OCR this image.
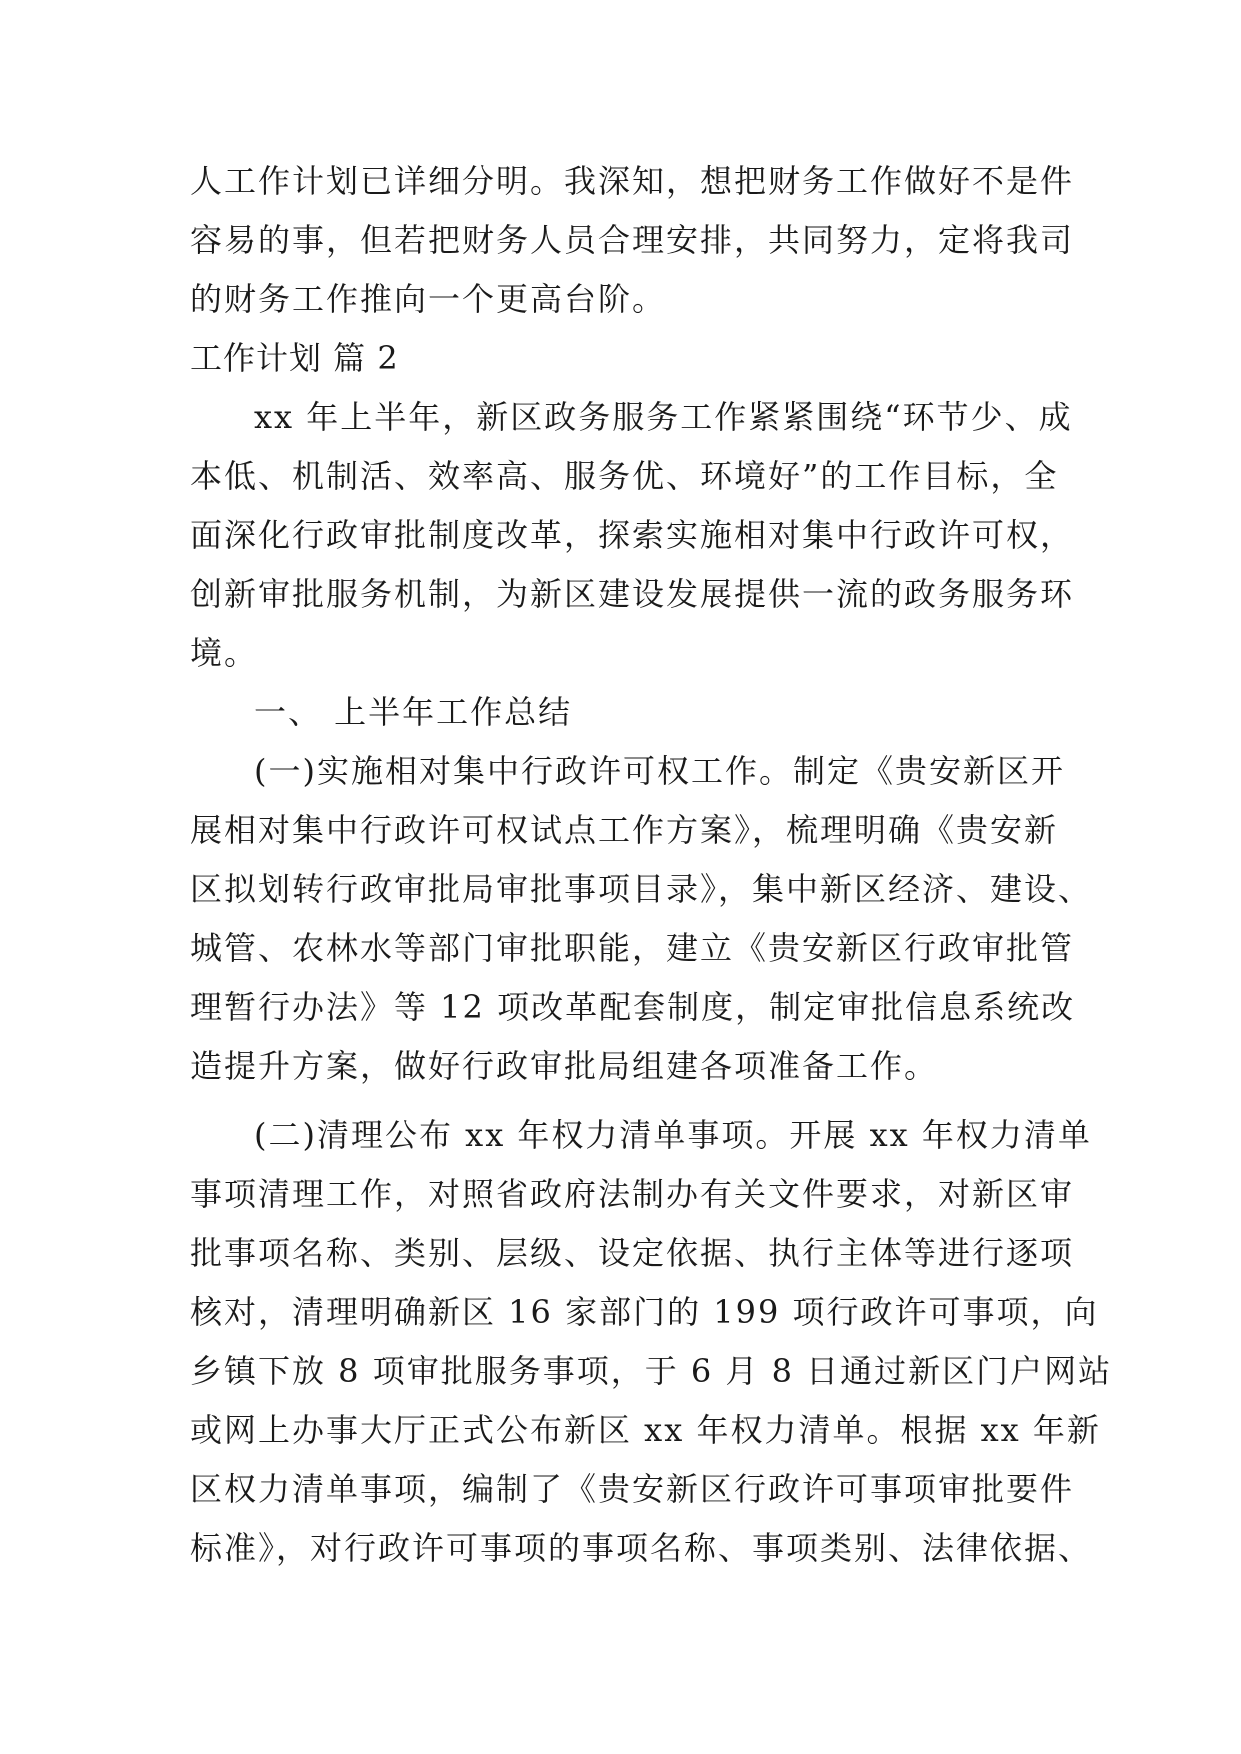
人工作计划已详细分明。我深知，想把财务工作做好不是件
容易的事，但若把财务人员合理安排，共同努力，定将我司
的财务工作推向一个更高台阶。
工作计划 篇 2
xx 年上半年，新区政务服务工作紧紧围绕“环节少、成
本低、机制活、效率高、服务优、环境好”的工作目标，全
面深化行政审批制度改革，探索实施相对集中行政许可权，
创新审批服务机制，为新区建设发展提供一流的政务服务环
境。
一、 上半年工作总结
(一)实施相对集中行政许可权工作。制定《贵安新区开
展相对集中行政许可权试点工作方案》，梳理明确《贵安新
区拟划转行政审批局审批事项目录》，集中新区经济、建设、
城管、农林水等部门审批职能，建立《贵安新区行政审批管
理暂行办法》等 12 项改革配套制度，制定审批信息系统改
造提升方案，做好行政审批局组建各项准备工作。
(二)清理公布 xx 年权力清单事项。开展 xx 年权力清单
事项清理工作，对照省政府法制办有关文件要求，对新区审
批事项名称、类别、层级、设定依据、执行主体等进行逐项
核对，清理明确新区 16 家部门的 199 项行政许可事项，向
乡镇下放 8 项审批服务事项，于 6 月 8 日通过新区门户网站
或网上办事大厅正式公布新区 xx 年权力清单。根据 xx 年新
区权力清单事项，编制了《贵安新区行政许可事项审批要件
标准》，对行政许可事项的事项名称、事项类别、法律依据、
